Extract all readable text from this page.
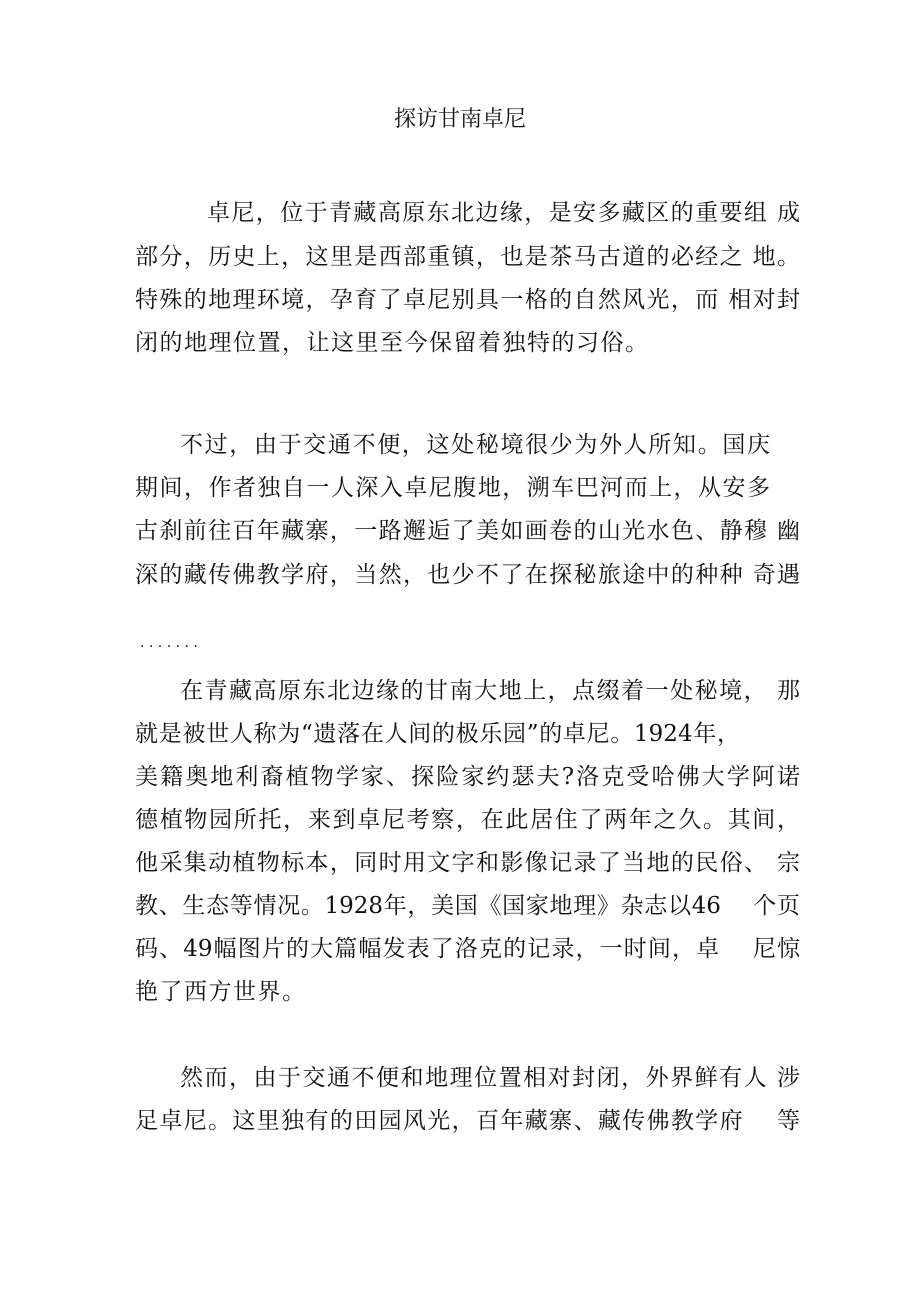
探访甘南卓尼
卓尼，位于青藏高原东北边缘，是安多藏区的重要组 成
部分，历史上，这里是西部重镇，也是茶马古道的必经之 地。
特殊的地理环境，孕育了卓尼别具一格的自然风光，而 相对封
闭的地理位置，让这里至今保留着独特的习俗。
不过，由于交通不便，这处秘境很少为外人所知。国庆
期间，作者独自一人深入卓尼腹地，溯车巴河而上，从安多
古刹前往百年藏寨，一路邂逅了美如画卷的山光水色、静穆 幽
深的藏传佛教学府，当然，也少不了在探秘旅途中的种种 奇遇
. . . . . . .
在青藏高原东北边缘的甘南大地上，点缀着一处秘境， 那
就是被世人称为“遗落在人间的极乐园”的卓尼。1924年，
美籍奥地利裔植物学家、探险家约瑟夫?洛克受哈佛大学阿诺
德植物园所托，来到卓尼考察，在此居住了两年之久。其间，
他采集动植物标本，同时用文字和影像记录了当地的民俗、 宗
教、生态等情况。1928年，美国《国家地理》杂志以46　 个页
码、49幅图片的大篇幅发表了洛克的记录，一时间，卓　 尼惊
艳了西方世界。
然而，由于交通不便和地理位置相对封闭，外界鲜有人 涉
足卓尼。这里独有的田园风光，百年藏寨、藏传佛教学府　 等
